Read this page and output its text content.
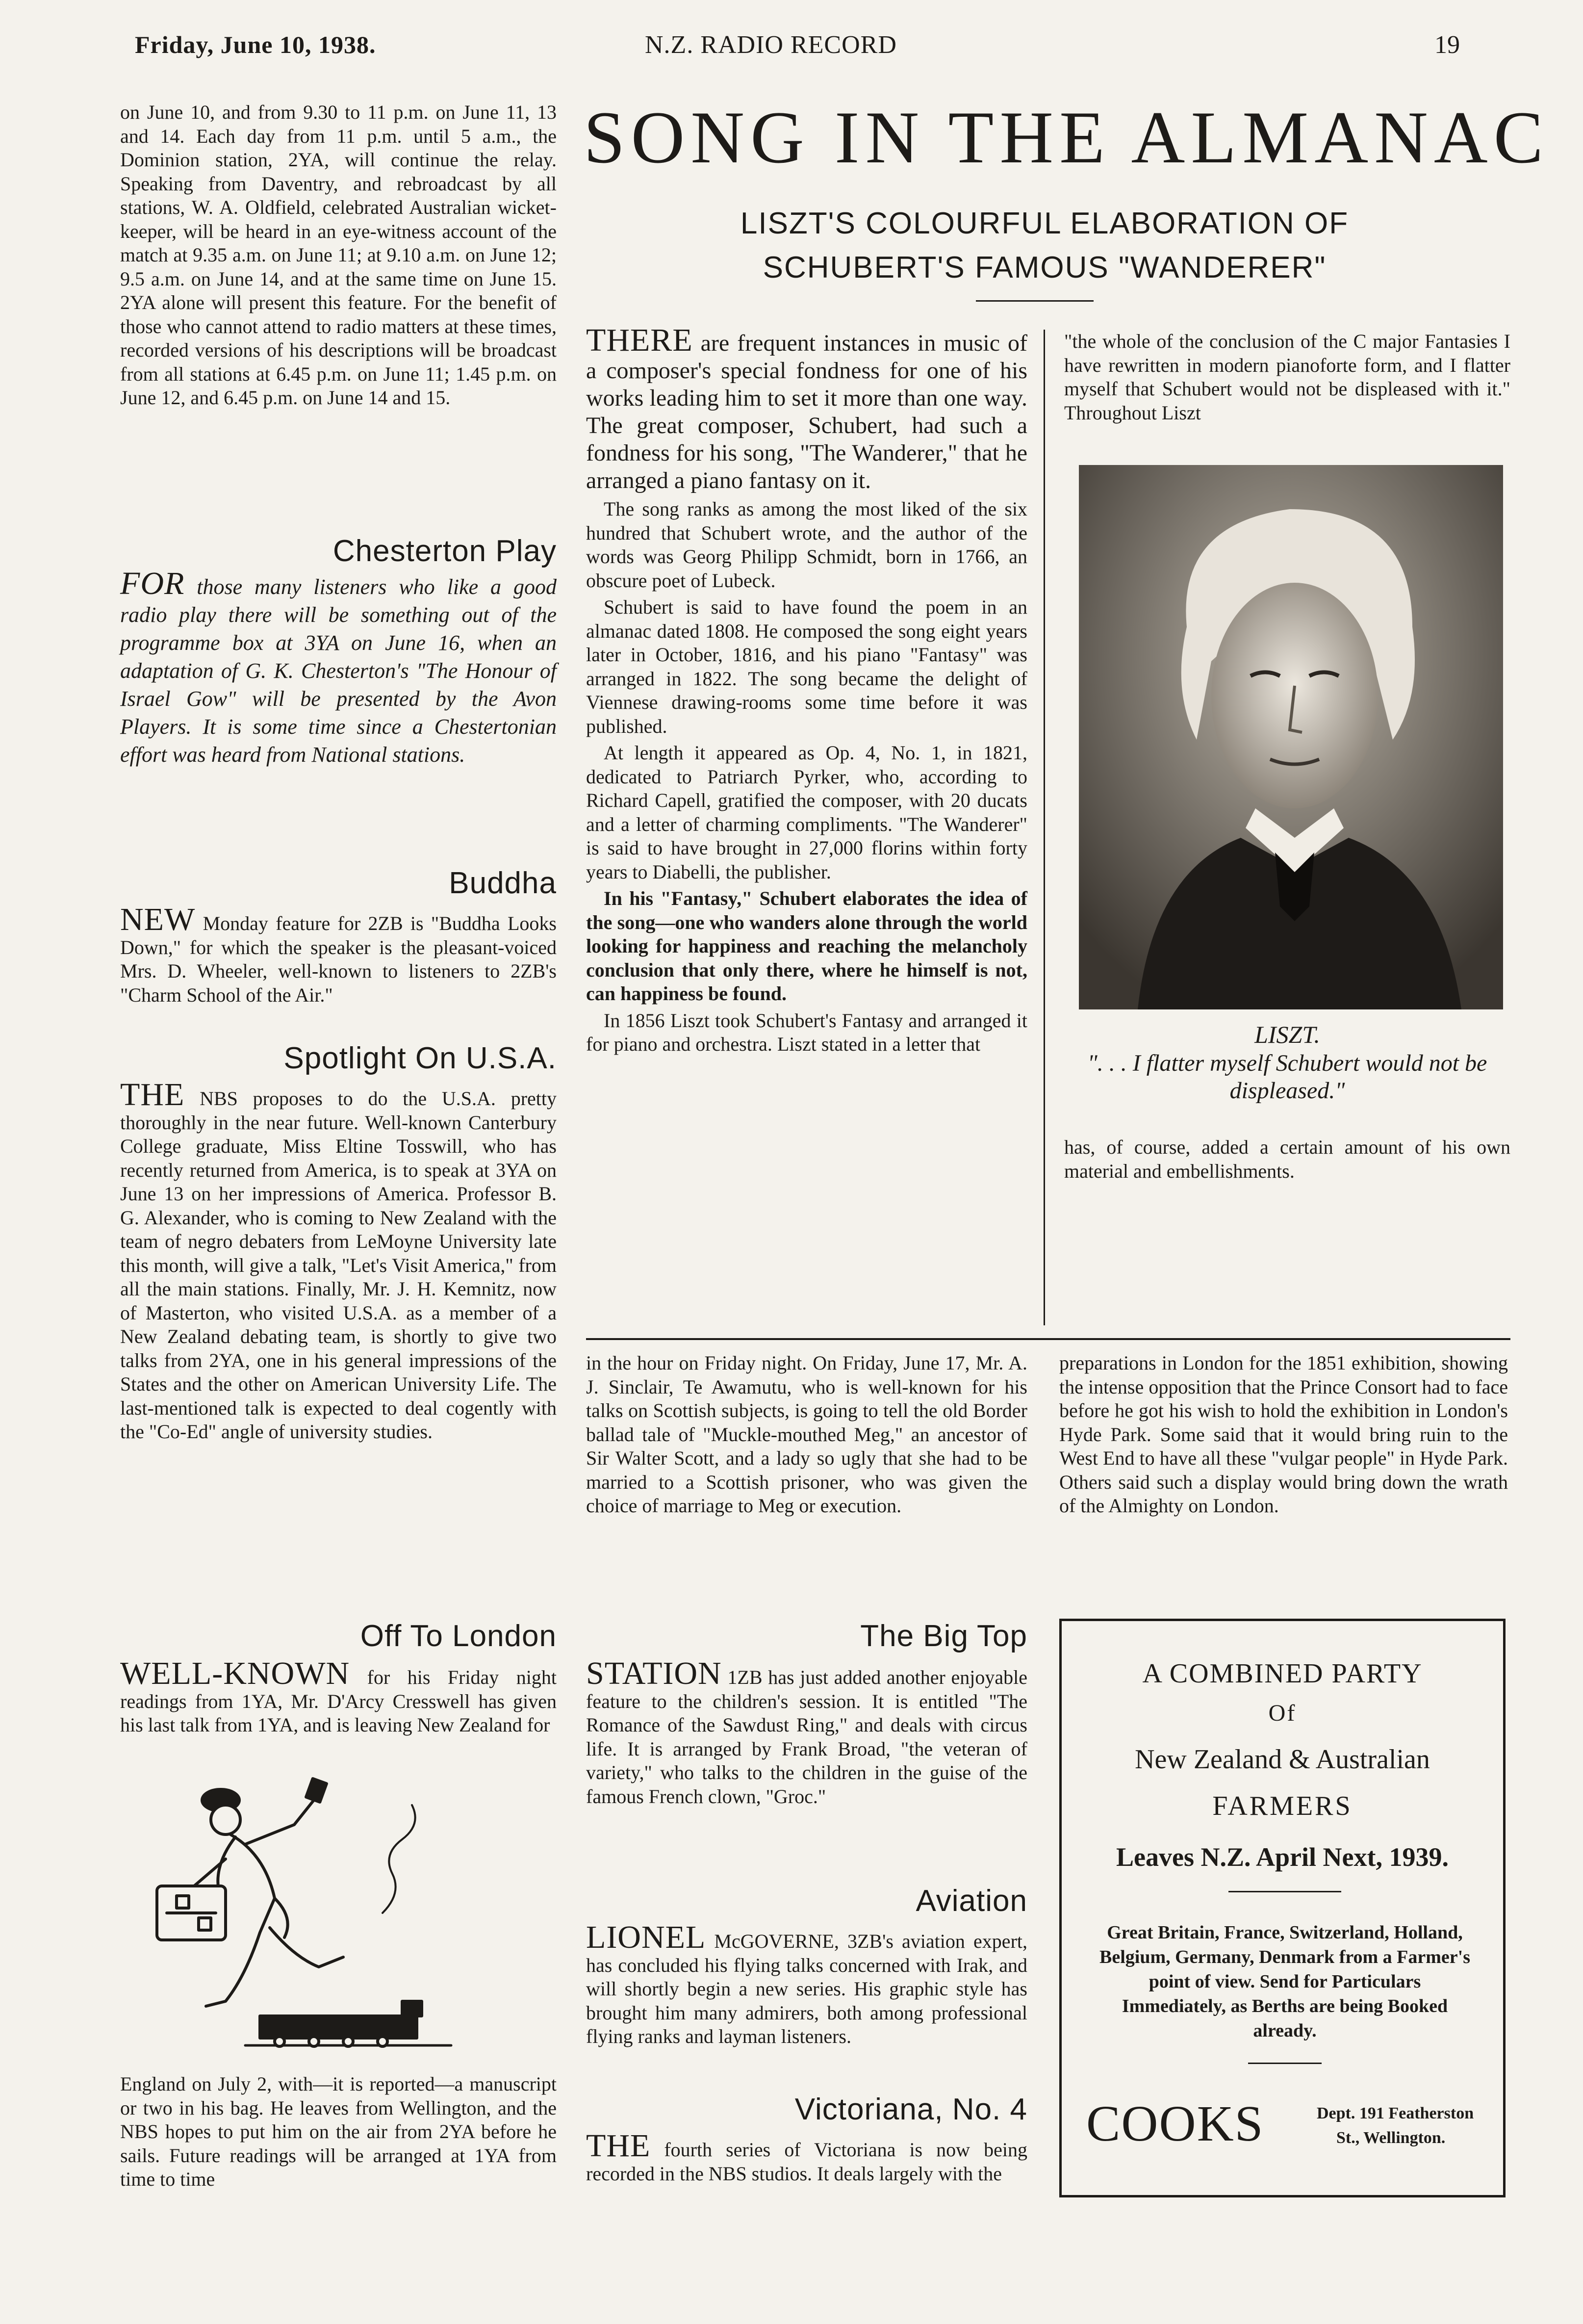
Friday, June 10, 1938.	N.Z. RADIO RECORD	19

on June 10, and from 9.30 to 11 p.m. on June 11, 13 and 14. Each day from 11 p.m. until 5 a.m., the Dominion station, 2YA, will continue the relay. Speaking from Daventry, and rebroadcast by all stations, W. A. Oldfield, celebrated Australian wicket-keeper, will be heard in an eye-witness account of the match at 9.35 a.m. on June 11; at 9.10 a.m. on June 12; 9.5 a.m. on June 14, and at the same time on June 15. 2YA alone will present this feature. For the benefit of those who cannot attend to radio matters at these times, recorded versions of his descriptions will be broadcast from all stations at 6.45 p.m. on June 11; 1.45 p.m. on June 12, and 6.45 p.m. on June 14 and 15.

Chesterton Play

FOR those many listeners who like a good radio play there will be something out of the programme box at 3YA on June 16, when an adaptation of G. K. Chesterton's "The Honour of Israel Gow" will be presented by the Avon Players. It is some time since a Chestertonian effort was heard from National stations.

Buddha

NEW Monday feature for 2ZB is "Buddha Looks Down," for which the speaker is the pleasant-voiced Mrs. D. Wheeler, well-known to listeners to 2ZB's "Charm School of the Air."

Spotlight On U.S.A.

THE NBS proposes to do the U.S.A. pretty thoroughly in the near future. Well-known Canterbury College graduate, Miss Eltine Tosswill, who has recently returned from America, is to speak at 3YA on June 13 on her impressions of America. Professor B. G. Alexander, who is coming to New Zealand with the team of negro debaters from LeMoyne University late this month, will give a talk, "Let's Visit America," from all the main stations. Finally, Mr. J. H. Kemnitz, now of Masterton, who visited U.S.A. as a member of a New Zealand debating team, is shortly to give two talks from 2YA, one in his general impressions of the States and the other on American University Life. The last-mentioned talk is expected to deal cogently with the "Co-Ed" angle of university studies.

Off To London

WELL-KNOWN for his Friday night readings from 1YA, Mr. D'Arcy Cresswell has given his last talk from 1YA, and is leaving New Zealand for

England on July 2, with—it is reported—a manuscript or two in his bag. He leaves from Wellington, and the NBS hopes to put him on the air from 2YA before he sails. Future readings will be arranged at 1YA from time to time

SONG IN THE ALMANAC
LISZT'S COLOURFUL ELABORATION OF
SCHUBERT'S FAMOUS "WANDERER"

THERE are frequent instances in music of a composer's special fondness for one of his works leading him to set it more than one way. The great composer, Schubert, had such a fondness for his song, "The Wanderer," that he arranged a piano fantasy on it.

The song ranks as among the most liked of the six hundred that Schubert wrote, and the author of the words was Georg Philipp Schmidt, born in 1766, an obscure poet of Lubeck.

Schubert is said to have found the poem in an almanac dated 1808. He composed the song eight years later in October, 1816, and his piano "Fantasy" was arranged in 1822. The song became the delight of Viennese drawing-rooms some time before it was published.

At length it appeared as Op. 4, No. 1, in 1821, dedicated to Patriarch Pyrker, who, according to Richard Capell, gratified the composer, with 20 ducats and a letter of charming compliments. "The Wanderer" is said to have brought in 27,000 florins within forty years to Diabelli, the publisher.

In his "Fantasy," Schubert elaborates the idea of the song—one who wanders alone through the world looking for happiness and reaching the melancholy conclusion that only there, where he himself is not, can happiness be found.

In 1856 Liszt took Schubert's Fantasy and arranged it for piano and orchestra. Liszt stated in a letter that

"the whole of the conclusion of the C major Fantasies I have rewritten in modern pianoforte form, and I flatter myself that Schubert would not be displeased with it." Throughout Liszt

LISZT.
". . . I flatter myself Schubert would not be displeased."

has, of course, added a certain amount of his own material and embellishments.

in the hour on Friday night. On Friday, June 17, Mr. A. J. Sinclair, Te Awamutu, who is well-known for his talks on Scottish subjects, is going to tell the old Border ballad tale of "Muckle-mouthed Meg," an ancestor of Sir Walter Scott, and a lady so ugly that she had to be married to a Scottish prisoner, who was given the choice of marriage to Meg or execution.

The Big Top

STATION 1ZB has just added another enjoyable feature to the children's session. It is entitled "The Romance of the Sawdust Ring," and deals with circus life. It is arranged by Frank Broad, "the veteran of variety," who talks to the children in the guise of the famous French clown, "Groc."

Aviation

LIONEL McGOVERNE, 3ZB's aviation expert, has concluded his flying talks concerned with Irak, and will shortly begin a new series. His graphic style has brought him many admirers, both among professional flying ranks and layman listeners.

Victoriana, No. 4

THE fourth series of Victoriana is now being recorded in the NBS studios. It deals largely with the

preparations in London for the 1851 exhibition, showing the intense opposition that the Prince Consort had to face before he got his wish to hold the exhibition in London's Hyde Park. Some said that it would bring ruin to the West End to have all these "vulgar people" in Hyde Park. Others said such a display would bring down the wrath of the Almighty on London.

A COMBINED PARTY
Of
New Zealand & Australian
FARMERS
Leaves N.Z. April Next, 1939.
Great Britain, France, Switzerland, Holland, Belgium, Germany, Denmark from a Farmer's point of view. Send for Particulars Immediately, as Berths are being Booked already.
COOKS	Dept. 191 Featherston
St., Wellington.
